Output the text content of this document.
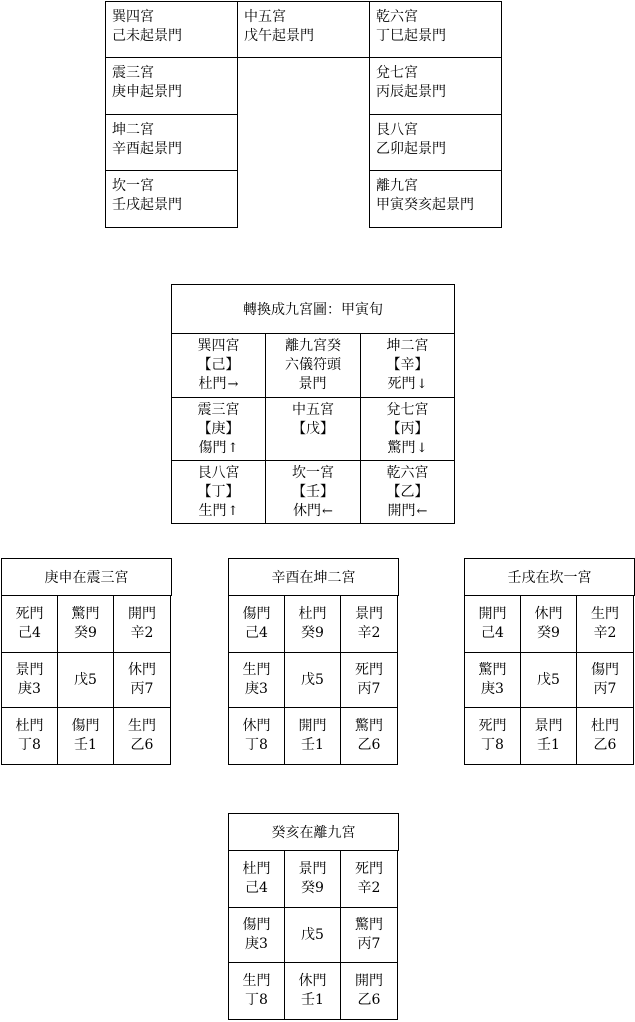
巽四宮
己未起景門
中五宮
戊午起景門
乾六宮
丁巳起景門
震三宮
庚申起景門
坤二宮
辛酉起景門
坎一宮
壬戌起景門
兌七宮
丙辰起景門
艮八宮
乙卯起景門
離九宮
甲寅癸亥起景門
轉換成九宮圖：甲寅旬
巽四宮
【己】
杜門→
離九宮癸
六儀符頭
景門
坤二宮
【辛】
死門↓
震三宮
【庚】
傷門↑
中五宮
【戊】
兌七宮
【丙】
驚門↓
艮八宮
【丁】
生門↑
坎一宮
【壬】
休門←
乾六宮
【乙】
開門←
庚申在震三宮
死門
己4
驚門
癸9
開門
辛2
景門
庚3
戊5
休門
丙7
杜門
丁8
傷門
壬1
生門
乙6
辛酉在坤二宮
傷門
己4
杜門
癸9
景門
辛2
生門
庚3
戊5
死門
丙7
休門
丁8
開門
壬1
驚門
乙6
壬戌在坎一宮
開門
己4
休門
癸9
生門
辛2
驚門
庚3
戊5
傷門
丙7
死門
丁8
景門
壬1
杜門
乙6
癸亥在離九宮
杜門
己4
景門
癸9
死門
辛2
傷門
庚3
戊5
驚門
丙7
生門
丁8
休門
壬1
開門
乙6
